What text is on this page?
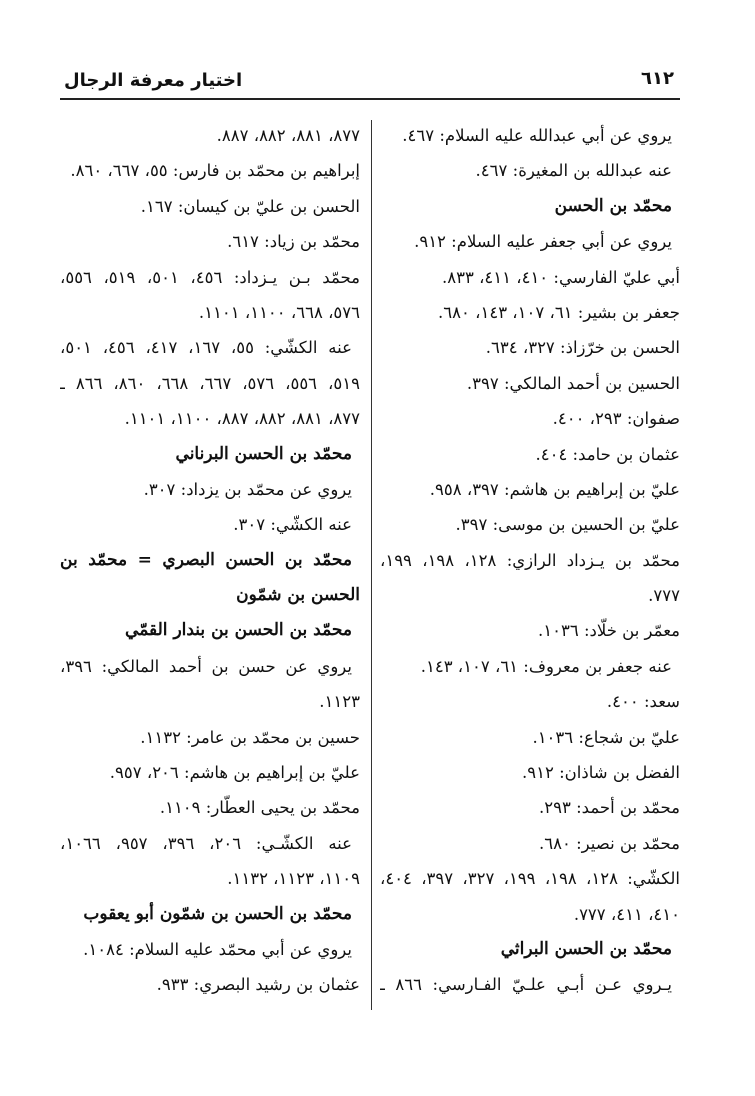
٦١٢
اختيار معرفة الرجال
يروي عن أبي عبدالله عليه السلام: ٤٦٧.
عنه عبدالله بن المغيرة: ٤٦٧.
محمّد بن الحسن
يروي عن أبي جعفر عليه السلام: ٩١٢.
أبي عليّ الفارسي: ٤١٠، ٤١١، ٨٣٣.
جعفر بن بشير: ٦١، ١٠٧، ١٤٣، ٦٨٠.
الحسن بن خرّزاذ: ٣٢٧، ٦٣٤.
الحسين بن أحمد المالكي: ٣٩٧.
صفوان: ٢٩٣، ٤٠٠.
عثمان بن حامد: ٤٠٤.
عليّ بن إبراهيم بن هاشم: ٣٩٧، ٩٥٨.
عليّ بن الحسين بن موسى: ٣٩٧.
محمّد بن يـزداد الرازي: ١٢٨، ١٩٨، ١٩٩،
٧٧٧.
معمّر بن خلّاد: ١٠٣٦.
عنه جعفر بن معروف: ٦١، ١٠٧، ١٤٣.
سعد: ٤٠٠.
عليّ بن شجاع: ١٠٣٦.
الفضل بن شاذان: ٩١٢.
محمّد بن أحمد: ٢٩٣.
محمّد بن نصير: ٦٨٠.
الكشّي: ١٢٨، ١٩٨، ١٩٩، ٣٢٧، ٣٩٧، ٤٠٤،
٤١٠، ٤١١، ٧٧٧.
محمّد بن الحسن البراثي
يـروي عـن أبـي علـيّ الفـارسي: ٨٦٦ ـ
٨٧٧، ٨٨١، ٨٨٢، ٨٨٧.
إبراهيم بن محمّد بن فارس: ٥٥، ٦٦٧، ٨٦٠.
الحسن بن عليّ بن كيسان: ١٦٧.
محمّد بن زياد: ٦١٧.
محمّد بـن يـزداد: ٤٥٦، ٥٠١، ٥١٩، ٥٥٦،
٥٧٦، ٦٦٨، ١١٠٠، ١١٠١.
عنه الكشّي: ٥٥، ١٦٧، ٤١٧، ٤٥٦، ٥٠١،
٥١٩، ٥٥٦، ٥٧٦، ٦٦٧، ٦٦٨، ٨٦٠، ٨٦٦ ـ
٨٧٧، ٨٨١، ٨٨٢، ٨٨٧، ١١٠٠، ١١٠١.
محمّد بن الحسن البرناني
يروي عن محمّد بن يزداد: ٣٠٧.
عنه الكشّي: ٣٠٧.
محمّد بن الحسن البصري = محمّد بن
الحسن بن شمّون
محمّد بن الحسن بن بندار القمّي
يروي عن حسن بن أحمد المالكي: ٣٩٦،
١١٢٣.
حسين بن محمّد بن عامر: ١١٣٢.
عليّ بن إبراهيم بن هاشم: ٢٠٦، ٩٥٧.
محمّد بن يحيى العطّار: ١١٠٩.
عنه الكشّـي: ٢٠٦، ٣٩٦، ٩٥٧، ١٠٦٦،
١١٠٩، ١١٢٣، ١١٣٢.
محمّد بن الحسن بن شمّون أبو يعقوب
يروي عن أبي محمّد عليه السلام: ١٠٨٤.
عثمان بن رشيد البصري: ٩٣٣.
